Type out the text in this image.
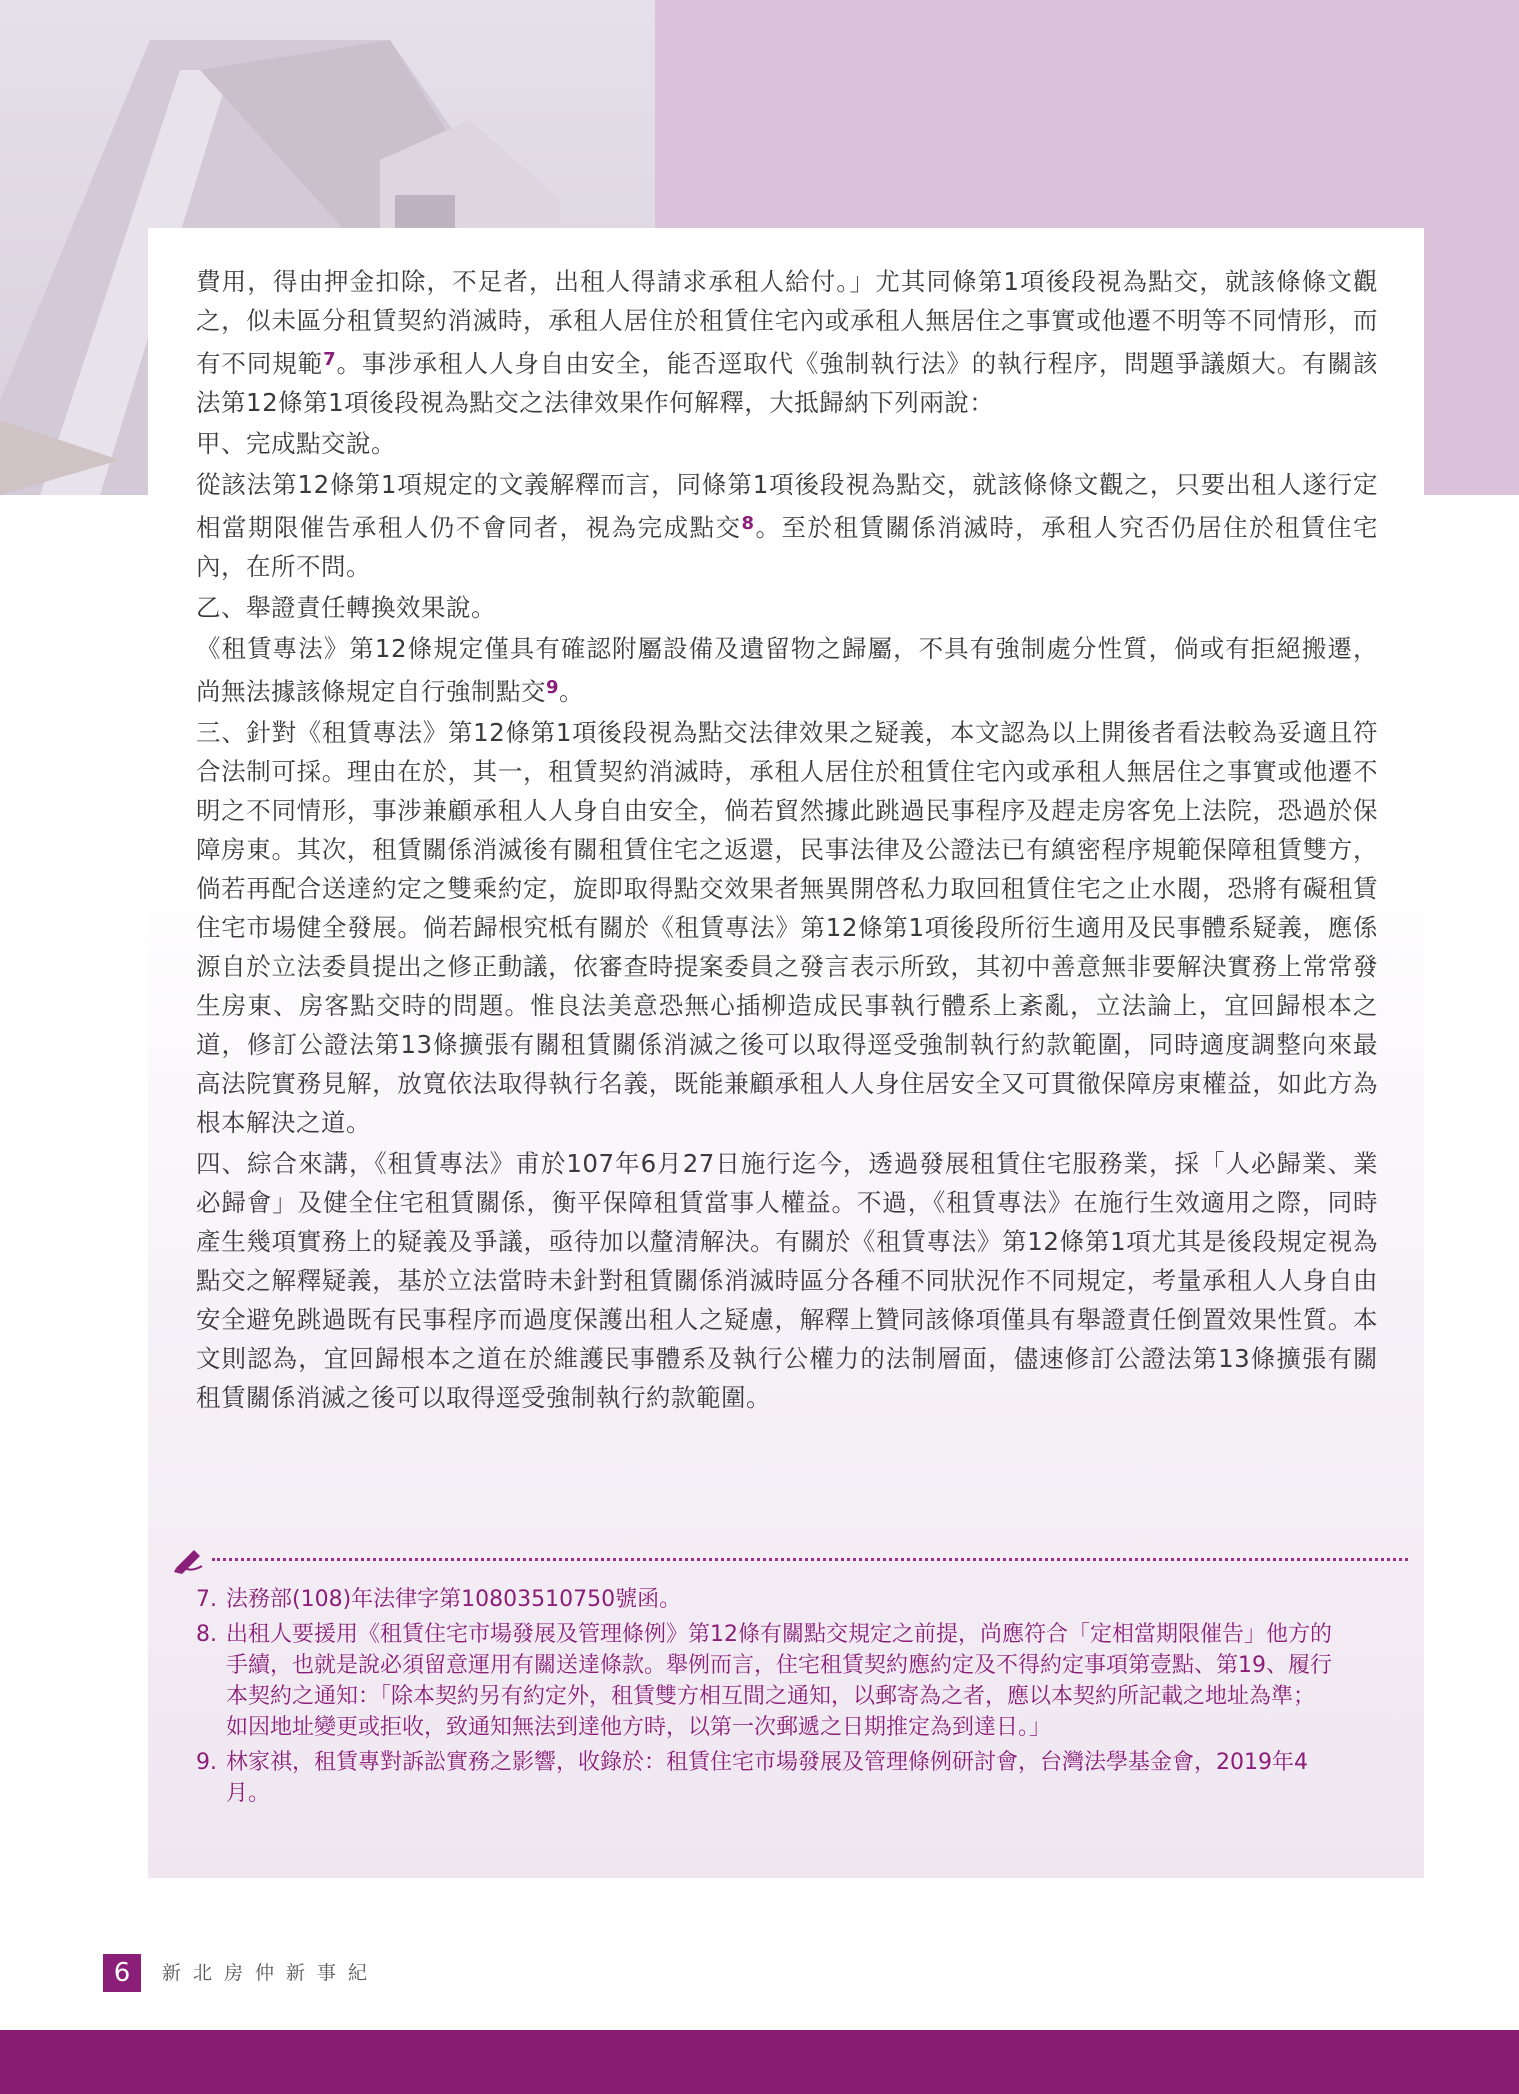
費用，得由押金扣除，不足者，出租人得請求承租人給付。」尤其同條第1項後段視為點交，就該條條文觀之，似未區分租賃契約消滅時，承租人居住於租賃住宅內或承租人無居住之事實或他遷不明等不同情形，而有不同規範$^7$。事涉承租人人身自由安全，能否逕取代《強制執行法》的執行程序，問題爭議頗大。有關該法第12條第1項後段視為點交之法律效果作何解釋，大抵歸納下列兩說：

甲、完成點交說。

從該法第12條第1項規定的文義解釋而言，同條第1項後段視為點交，就該條條文觀之，只要出租人遂行定相當期限催告承租人仍不會同者，視為完成點交$^8$。至於租賃關係消滅時，承租人究否仍居住於租賃住宅內，在所不問。

乙、舉證責任轉換效果說。

《租賃專法》第12條規定僅具有確認附屬設備及遺留物之歸屬，不具有強制處分性質，倘或有拒絕搬遷，尚無法據該條規定自行強制點交$^9$。

三、針對《租賃專法》第12條第1項後段視為點交法律效果之疑義，本文認為以上開後者看法較為妥適且符合法制可採。理由在於，其一，租賃契約消滅時，承租人居住於租賃住宅內或承租人無居住之事實或他遷不明之不同情形，事涉兼顧承租人人身自由安全，倘若貿然據此跳過民事程序及趕走房客免上法院，恐過於保障房東。其次，租賃關係消滅後有關租賃住宅之返還，民事法律及公證法已有縝密程序規範保障租賃雙方，倘若再配合送達約定之雙乘約定，旋即取得點交效果者無異開啓私力取回租賃住宅之止水閥，恐將有礙租賃住宅市場健全發展。倘若歸根究柢有關於《租賃專法》第12條第1項後段所衍生適用及民事體系疑義，應係源自於立法委員提出之修正動議，依審查時提案委員之發言表示所致，其初中善意無非要解決實務上常常發生房東、房客點交時的問題。惟良法美意恐無心插柳造成民事執行體系上紊亂，立法論上，宜回歸根本之道，修訂公證法第13條擴張有關租賃關係消滅之後可以取得逕受強制執行約款範圍，同時適度調整向來最高法院實務見解，放寬依法取得執行名義，既能兼顧承租人人身住居安全又可貫徹保障房東權益，如此方為根本解決之道。

四、綜合來講，《租賃專法》甫於107年6月27日施行迄今，透過發展租賃住宅服務業，採「人必歸業、業必歸會」及健全住宅租賃關係，衡平保障租賃當事人權益。不過，《租賃專法》在施行生效適用之際，同時產生幾項實務上的疑義及爭議，亟待加以釐清解決。有關於《租賃專法》第12條第1項尤其是後段規定視為點交之解釋疑義，基於立法當時未針對租賃關係消滅時區分各種不同狀況作不同規定，考量承租人人身自由安全避免跳過既有民事程序而過度保護出租人之疑慮，解釋上贊同該條項僅具有舉證責任倒置效果性質。本文則認為，宜回歸根本之道在於維護民事體系及執行公權力的法制層面，儘速修訂公證法第13條擴張有關租賃關係消滅之後可以取得逕受強制執行約款範圍。

7. 法務部(108)年法律字第10803510750號函。
8. 出租人要援用《租賃住宅市場發展及管理條例》第12條有關點交規定之前提，尚應符合「定相當期限催告」他方的手續，也就是說必須留意運用有關送達條款。舉例而言，住宅租賃契約應約定及不得約定事項第壹點、第19、履行本契約之通知：「除本契約另有約定外，租賃雙方相互間之通知，以郵寄為之者，應以本契約所記載之地址為準；如因地址變更或拒收，致通知無法到達他方時，以第一次郵遞之日期推定為到達日。」
9. 林家祺，租賃專對訴訟實務之影響，收錄於：租賃住宅市場發展及管理條例研討會，台灣法學基金會，2019年4月。
6	新北房仲新事紀
